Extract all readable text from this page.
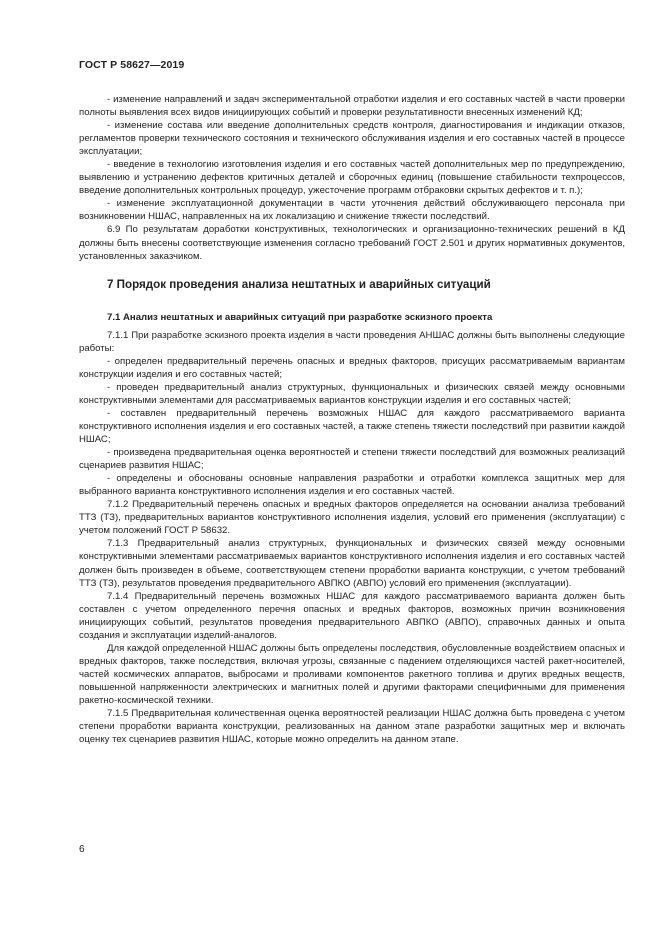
ГОСТ Р 58627—2019

- изменение направлений и задач экспериментальной отработки изделия и его составных частей в части проверки полноты выявления всех видов инициирующих событий и проверки результативности внесенных изменений КД;

- изменение состава или введение дополнительных средств контроля, диагностирования и индикации отказов, регламентов проверки технического состояния и технического обслуживания изделия и его составных частей в процессе эксплуатации;

- введение в технологию изготовления изделия и его составных частей дополнительных мер по предупреждению, выявлению и устранению дефектов критичных деталей и сборочных единиц (повышение стабильности техпроцессов, введение дополнительных контрольных процедур, ужесточение программ отбраковки скрытых дефектов и т. п.);

- изменение эксплуатационной документации в части уточнения действий обслуживающего персонала при возникновении НШАС, направленных на их локализацию и снижение тяжести последствий.

6.9 По результатам доработки конструктивных, технологических и организационно-технических решений в КД должны быть внесены соответствующие изменения согласно требований ГОСТ 2.501 и других нормативных документов, установленных заказчиком.

7 Порядок проведения анализа нештатных и аварийных ситуаций

7.1 Анализ нештатных и аварийных ситуаций при разработке эскизного проекта

7.1.1 При разработке эскизного проекта изделия в части проведения АНШАС должны быть выполнены следующие работы:

- определен предварительный перечень опасных и вредных факторов, присущих рассматриваемым вариантам конструкции изделия и его составных частей;

- проведен предварительный анализ структурных, функциональных и физических связей между основными конструктивными элементами для рассматриваемых вариантов конструкции изделия и его составных частей;

- составлен предварительный перечень возможных НШАС для каждого рассматриваемого варианта конструктивного исполнения изделия и его составных частей, а также степень тяжести последствий при развитии каждой НШАС;

- произведена предварительная оценка вероятностей и степени тяжести последствий для возможных реализаций сценариев развития НШАС;

- определены и обоснованы основные направления разработки и отработки комплекса защитных мер для выбранного варианта конструктивного исполнения изделия и его составных частей.

7.1.2 Предварительный перечень опасных и вредных факторов определяется на основании анализа требований ТТЗ (ТЗ), предварительных вариантов конструктивного исполнения изделия, условий его применения (эксплуатации) с учетом положений ГОСТ Р 58632.

7.1.3 Предварительный анализ структурных, функциональных и физических связей между основными конструктивными элементами рассматриваемых вариантов конструктивного исполнения изделия и его составных частей должен быть произведен в объеме, соответствующем степени проработки варианта конструкции, с учетом требований ТТЗ (ТЗ), результатов проведения предварительного АВПКО (АВПО) условий его применения (эксплуатации).

7.1.4 Предварительный перечень возможных НШАС для каждого рассматриваемого варианта должен быть составлен с учетом определенного перечня опасных и вредных факторов, возможных причин возникновения инициирующих событий, результатов проведения предварительного АВПКО (АВПО), справочных данных и опыта создания и эксплуатации изделий-аналогов.

Для каждой определенной НШАС должны быть определены последствия, обусловленные воздействием опасных и вредных факторов, также последствия, включая угрозы, связанные с падением отделяющихся частей ракет-носителей, частей космических аппаратов, выбросами и проливами компонентов ракетного топлива и других вредных веществ, повышенной напряженности электрических и магнитных полей и другими факторами специфичными для применения ракетно-космической техники.

7.1.5 Предварительная количественная оценка вероятностей реализации НШАС должна быть проведена с учетом степени проработки варианта конструкции, реализованных на данном этапе разработки защитных мер и включать оценку тех сценариев развития НШАС, которые можно определить на данном этапе.

6
